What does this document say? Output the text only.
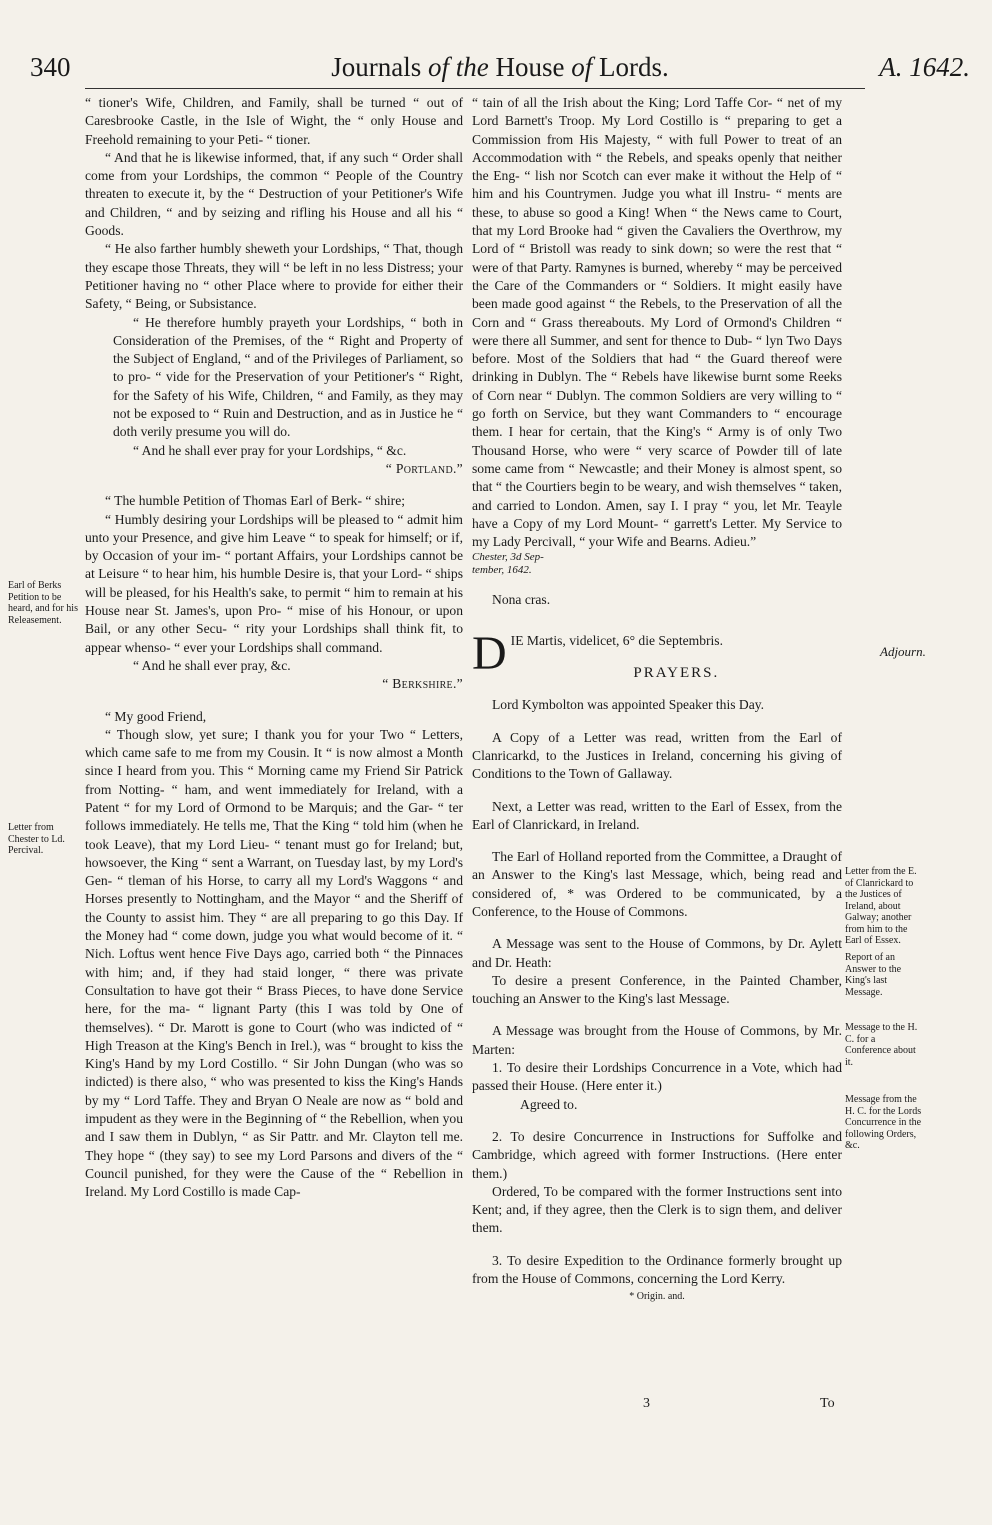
340	Journals of the House of Lords.	A. 1642.

“ tioner's Wife, Children, and Family, shall be turned “ out of Caresbrooke Castle, in the Isle of Wight, the “ only House and Freehold remaining to your Peti- “ tioner.

“ And that he is likewise informed, that, if any such “ Order shall come from your Lordships, the common “ People of the Country threaten to execute it, by the “ Destruction of your Petitioner's Wife and Children, “ and by seizing and rifling his House and all his “ Goods.

“ He also farther humbly sheweth your Lordships, “ That, though they escape those Threats, they will “ be left in no less Distress; your Petitioner having no “ other Place where to provide for either their Safety, “ Being, or Subsistance.

“ He therefore humbly prayeth your Lordships, “ both in Consideration of the Premises, of the “ Right and Property of the Subject of England, “ and of the Privileges of Parliament, so to pro- “ vide for the Preservation of your Petitioner's “ Right, for the Safety of his Wife, Children, “ and Family, as they may not be exposed to “ Ruin and Destruction, and as in Justice he “ doth verily presume you will do.

“ And he shall ever pray for your Lordships, “ &c.

“ Portland.”

“ The humble Petition of Thomas Earl of Berk- “ shire;

“ Humbly desiring your Lordships will be pleased to “ admit him unto your Presence, and give him Leave “ to speak for himself; or if, by Occasion of your im- “ portant Affairs, your Lordships cannot be at Leisure “ to hear him, his humble Desire is, that your Lord- “ ships will be pleased, for his Health's sake, to permit “ him to remain at his House near St. James's, upon Pro- “ mise of his Honour, or upon Bail, or any other Secu- “ rity your Lordships shall think fit, to appear whenso- “ ever your Lordships shall command.

“ And he shall ever pray, &c.

“ Berkshire.”

“ My good Friend,

“ Though slow, yet sure; I thank you for your Two “ Letters, which came safe to me from my Cousin. It “ is now almost a Month since I heard from you. This “ Morning came my Friend Sir Patrick from Notting- “ ham, and went immediately for Ireland, with a Patent “ for my Lord of Ormond to be Marquis; and the Gar- “ ter follows immediately. He tells me, That the King “ told him (when he took Leave), that my Lord Lieu- “ tenant must go for Ireland; but, howsoever, the King “ sent a Warrant, on Tuesday last, by my Lord's Gen- “ tleman of his Horse, to carry all my Lord's Waggons “ and Horses presently to Nottingham, and the Mayor “ and the Sheriff of the County to assist him. They “ are all preparing to go this Day. If the Money had “ come down, judge you what would become of it. “ Nich. Loftus went hence Five Days ago, carried both “ the Pinnaces with him; and, if they had staid longer, “ there was private Consultation to have got their “ Brass Pieces, to have done Service here, for the ma- “ lignant Party (this I was told by One of themselves). “ Dr. Marott is gone to Court (who was indicted of “ High Treason at the King's Bench in Irel.), was “ brought to kiss the King's Hand by my Lord Costillo. “ Sir John Dungan (who was so indicted) is there also, “ who was presented to kiss the King's Hands by my “ Lord Taffe. They and Bryan O Neale are now as “ bold and impudent as they were in the Beginning of “ the Rebellion, when you and I saw them in Dublyn, “ as Sir Pattr. and Mr. Clayton tell me. They hope “ (they say) to see my Lord Parsons and divers of the “ Council punished, for they were the Cause of the “ Rebellion in Ireland. My Lord Costillo is made Cap-

“ tain of all the Irish about the King; Lord Taffe Cor- “ net of my Lord Barnett's Troop. My Lord Costillo is “ preparing to get a Commission from His Majesty, “ with full Power to treat of an Accommodation with “ the Rebels, and speaks openly that neither the Eng- “ lish nor Scotch can ever make it without the Help of “ him and his Countrymen. Judge you what ill Instru- “ ments are these, to abuse so good a King! When “ the News came to Court, that my Lord Brooke had “ given the Cavaliers the Overthrow, my Lord of “ Bristoll was ready to sink down; so were the rest that “ were of that Party. Ramynes is burned, whereby “ may be perceived the Care of the Commanders or “ Soldiers. It might easily have been made good against “ the Rebels, to the Preservation of all the Corn and “ Grass thereabouts. My Lord of Ormond's Children “ were there all Summer, and sent for thence to Dub- “ lyn Two Days before. Most of the Soldiers that had “ the Guard thereof were drinking in Dublyn. The “ Rebels have likewise burnt some Reeks of Corn near “ Dublyn. The common Soldiers are very willing to “ go forth on Service, but they want Commanders to “ encourage them. I hear for certain, that the King's “ Army is of only Two Thousand Horse, who were “ very scarce of Powder till of late some came from “ Newcastle; and their Money is almost spent, so that “ the Courtiers begin to be weary, and wish themselves “ taken, and carried to London. Amen, say I. I pray “ you, let Mr. Teayle have a Copy of my Lord Mount- “ garrett's Letter. My Service to my Lady Percivall, “ your Wife and Bearns. Adieu.”

Chester, 3d Sep- tember, 1642.

Nona cras.

DIE Martis, videlicet, 6° die Septembris.

PRAYERS.

Lord Kymbolton was appointed Speaker this Day.

A Copy of a Letter was read, written from the Earl of Clanricarkd, to the Justices in Ireland, concerning his giving of Conditions to the Town of Gallaway.

Next, a Letter was read, written to the Earl of Essex, from the Earl of Clanrickard, in Ireland.

The Earl of Holland reported from the Committee, a Draught of an Answer to the King's last Message, which, being read and considered of, * was Ordered to be communicated, by a Conference, to the House of Commons.

A Message was sent to the House of Commons, by Dr. Aylett and Dr. Heath:

To desire a present Conference, in the Painted Chamber, touching an Answer to the King's last Message.

A Message was brought from the House of Commons, by Mr. Marten:

1. To desire their Lordships Concurrence in a Vote, which had passed their House. (Here enter it.)

Agreed to.

2. To desire Concurrence in Instructions for Suffolke and Cambridge, which agreed with former Instructions. (Here enter them.)

Ordered, To be compared with the former Instructions sent into Kent; and, if they agree, then the Clerk is to sign them, and deliver them.

3. To desire Expedition to the Ordinance formerly brought up from the House of Commons, concerning the Lord Kerry.

* Origin. and.

Earl of Berks Petition to be heard, and for his Releasement.
Letter from Chester to Ld. Percival.
Adjourn.
Letter from the E. of Clanrickard to the Justices of Ireland, about Galway; another from him to the Earl of Essex.
Report of an Answer to the King's last Message.
Message to the H. C. for a Conference about it.
Message from the H. C. for the Lords Concurrence in the following Orders, &c.
3	To
